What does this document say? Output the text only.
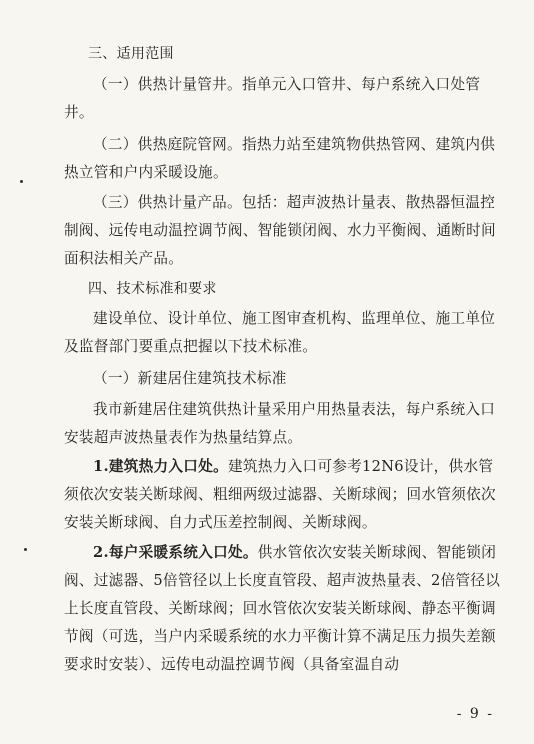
三、适用范围
（一）供热计量管井。指单元入口管井、每户系统入口处管井。
（二）供热庭院管网。指热力站至建筑物供热管网、建筑内供热立管和户内采暖设施。
（三）供热计量产品。包括：超声波热计量表、散热器恒温控制阀、远传电动温控调节阀、智能锁闭阀、水力平衡阀、通断时间面积法相关产品。
四、技术标准和要求
建设单位、设计单位、施工图审查机构、监理单位、施工单位及监督部门要重点把握以下技术标准。
（一）新建居住建筑技术标准
我市新建居住建筑供热计量采用户用热量表法，每户系统入口安装超声波热量表作为热量结算点。
1.建筑热力入口处。建筑热力入口可参考12N6设计，供水管须依次安装关断球阀、粗细两级过滤器、关断球阀；回水管须依次安装关断球阀、自力式压差控制阀、关断球阀。
2.每户采暖系统入口处。供水管依次安装关断球阀、智能锁闭阀、过滤器、5倍管径以上长度直管段、超声波热量表、2倍管径以上长度直管段、关断球阀；回水管依次安装关断球阀、静态平衡调节阀（可选，当户内采暖系统的水力平衡计算不满足压力损失差额要求时安装）、远传电动温控调节阀（具备室温自动
- 9 -
